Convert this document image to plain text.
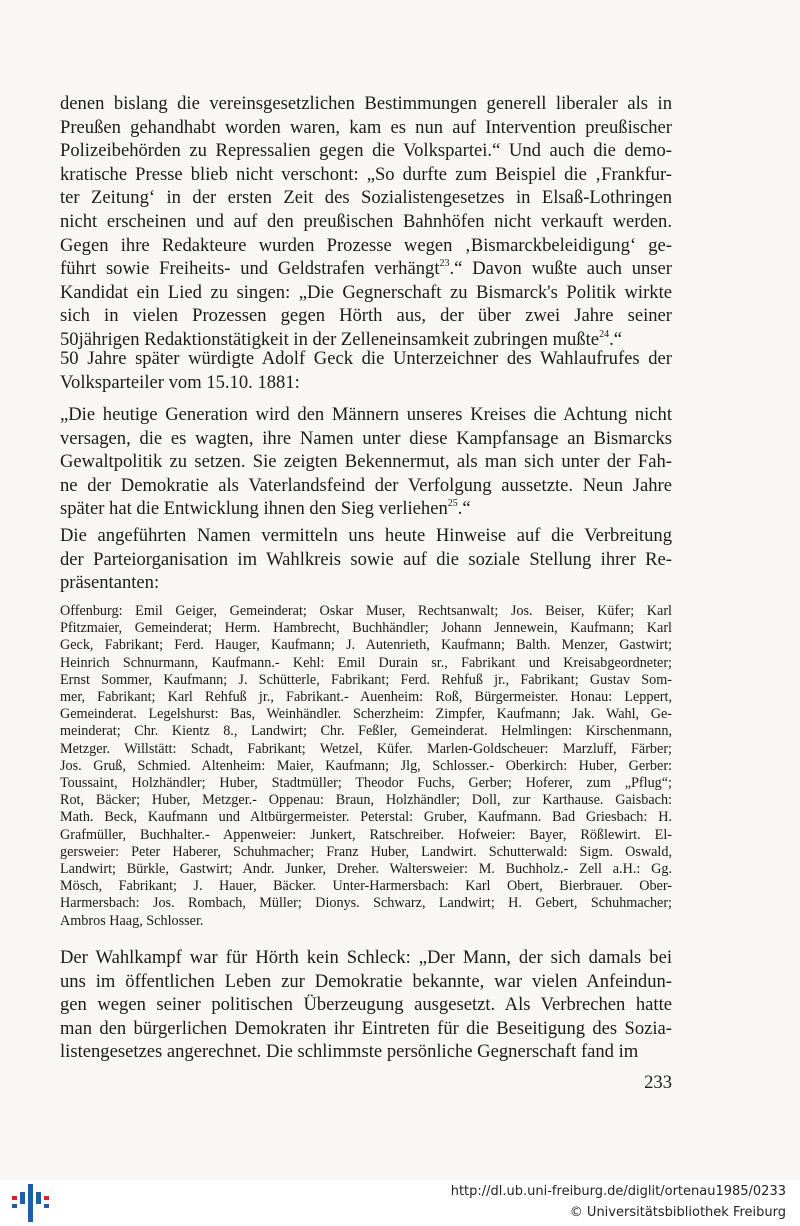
denen bislang die vereinsgesetzlichen Bestimmungen generell liberaler als in
Preußen gehandhabt worden waren, kam es nun auf Intervention preußischer
Polizeibehörden zu Repressalien gegen die Volkspartei.“ Und auch die demo-
kratische Presse blieb nicht verschont: „So durfte zum Beispiel die ‚Frankfur-
ter Zeitung‘ in der ersten Zeit des Sozialistengesetzes in Elsaß-Lothringen
nicht erscheinen und auf den preußischen Bahnhöfen nicht verkauft werden.
Gegen ihre Redakteure wurden Prozesse wegen ‚Bismarckbeleidigung‘ ge-
führt sowie Freiheits- und Geldstrafen verhängt$^{23}$.“ Davon wußte auch unser
Kandidat ein Lied zu singen: „Die Gegnerschaft zu Bismarck's Politik wirkte
sich in vielen Prozessen gegen Hörth aus, der über zwei Jahre seiner
50jährigen Redaktionstätigkeit in der Zelleneinsamkeit zubringen mußte$^{24}$.“

50 Jahre später würdigte Adolf Geck die Unterzeichner des Wahlaufrufes der
Volksparteiler vom 15.10. 1881:

„Die heutige Generation wird den Männern unseres Kreises die Achtung nicht
versagen, die es wagten, ihre Namen unter diese Kampfansage an Bismarcks
Gewaltpolitik zu setzen. Sie zeigten Bekennermut, als man sich unter der Fah-
ne der Demokratie als Vaterlandsfeind der Verfolgung aussetzte. Neun Jahre
später hat die Entwicklung ihnen den Sieg verliehen$^{25}$.“

Die angeführten Namen vermitteln uns heute Hinweise auf die Verbreitung
der Parteiorganisation im Wahlkreis sowie auf die soziale Stellung ihrer Re-
präsentanten:

Offenburg: Emil Geiger, Gemeinderat; Oskar Muser, Rechtsanwalt; Jos. Beiser, Küfer; Karl
Pfitzmaier, Gemeinderat; Herm. Hambrecht, Buchhändler; Johann Jennewein, Kaufmann; Karl
Geck, Fabrikant; Ferd. Hauger, Kaufmann; J. Autenrieth, Kaufmann; Balth. Menzer, Gastwirt;
Heinrich Schnurmann, Kaufmann.- Kehl: Emil Durain sr., Fabrikant und Kreisabgeordneter;
Ernst Sommer, Kaufmann; J. Schütterle, Fabrikant; Ferd. Rehfuß jr., Fabrikant; Gustav Som-
mer, Fabrikant; Karl Rehfuß jr., Fabrikant.- Auenheim: Roß, Bürgermeister. Honau: Leppert,
Gemeinderat. Legelshurst: Bas, Weinhändler. Scherzheim: Zimpfer, Kaufmann; Jak. Wahl, Ge-
meinderat; Chr. Kientz 8., Landwirt; Chr. Feßler, Gemeinderat. Helmlingen: Kirschenmann,
Metzger. Willstätt: Schadt, Fabrikant; Wetzel, Küfer. Marlen-Goldscheuer: Marzluff, Färber;
Jos. Gruß, Schmied. Altenheim: Maier, Kaufmann; Jlg, Schlosser.- Oberkirch: Huber, Gerber:
Toussaint, Holzhändler; Huber, Stadtmüller; Theodor Fuchs, Gerber; Hoferer, zum „Pflug“;
Rot, Bäcker; Huber, Metzger.- Oppenau: Braun, Holzhändler; Doll, zur Karthause. Gaisbach:
Math. Beck, Kaufmann und Altbürgermeister. Peterstal: Gruber, Kaufmann. Bad Griesbach: H.
Grafmüller, Buchhalter.- Appenweier: Junkert, Ratschreiber. Hofweier: Bayer, Rößlewirt. El-
gersweier: Peter Haberer, Schuhmacher; Franz Huber, Landwirt. Schutterwald: Sigm. Oswald,
Landwirt; Bürkle, Gastwirt; Andr. Junker, Dreher. Waltersweier: M. Buchholz.- Zell a.H.: Gg.
Mösch, Fabrikant; J. Hauer, Bäcker. Unter-Harmersbach: Karl Obert, Bierbrauer. Ober-
Harmersbach: Jos. Rombach, Müller; Dionys. Schwarz, Landwirt; H. Gebert, Schuhmacher;
Ambros Haag, Schlosser.

Der Wahlkampf war für Hörth kein Schleck: „Der Mann, der sich damals bei
uns im öffentlichen Leben zur Demokratie bekannte, war vielen Anfeindun-
gen wegen seiner politischen Überzeugung ausgesetzt. Als Verbrechen hatte
man den bürgerlichen Demokraten ihr Eintreten für die Beseitigung des Sozia-
listengesetzes angerechnet. Die schlimmste persönliche Gegnerschaft fand im

233
http://dl.ub.uni-freiburg.de/diglit/ortenau1985/0233
© Universitätsbibliothek Freiburg
